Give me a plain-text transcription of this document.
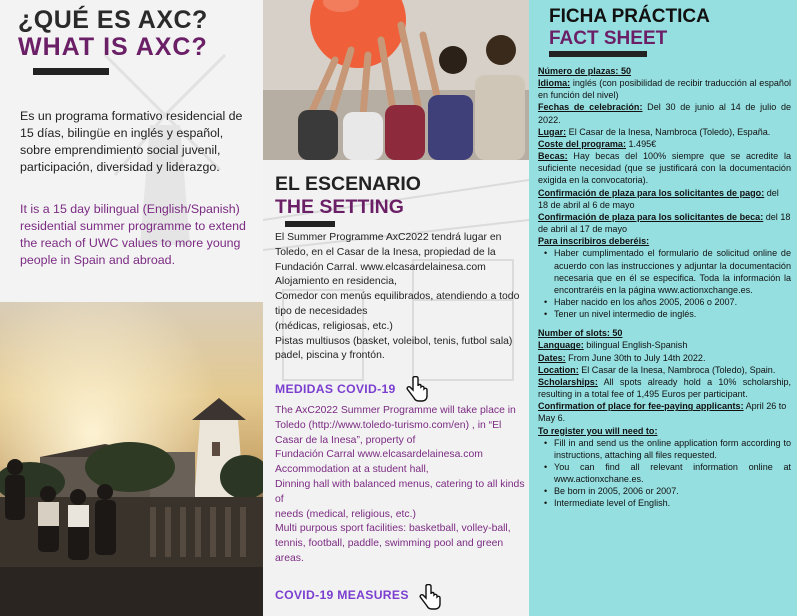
¿QUÉ ES AXC?
WHAT IS AXC?

Es un programa formativo residencial de 15 días, bilingüe en inglés y español, sobre emprendimiento social juvenil, participación, diversidad y liderazgo.

It is a 15 day bilingual (English/Spanish) residential summer programme to extend the reach of UWC values to more young people in Spain and abroad.

EL ESCENARIO
THE SETTING
El Summer Programme AxC2022 tendrá lugar en Toledo, en el Casar de la Inesa, propiedad de la Fundación Carral. www.elcasardelainesa.com
Alojamiento en residencia,
Comedor con menús equilibrados, atendiendo a todo tipo de necesidades
(médicas, religiosas, etc.)
Pistas multiusos (basket, voleibol, tenis, futbol sala) padel, piscina y frontón.
MEDIDAS COVID-19
The AxC2022 Summer Programme will take place in Toledo (http://www.toledo-turismo.com/en) , in “El Casar de la Inesa”, property of
Fundación Carral www.elcasardelainesa.com
Accommodation at a student hall,
Dinning hall with balanced menus, catering to all kinds of
needs (medical, religious, etc.)
Multi purpous sport facilities: basketball, volley-ball, tennis, football, paddle, swimming pool and green areas.
COVID-19 MEASURES
FICHA PRÁCTICA
FACT SHEET
Número de plazas: 50
Idioma: inglés (con posibilidad de recibir traducción al español en función del nivel)
Fechas de celebración: Del 30 de junio al 14 de julio de 2022.
Lugar: El Casar de la Inesa, Nambroca (Toledo), España.
Coste del programa: 1.495€
Becas: Hay becas del 100% siempre que se acredite la suficiente necesidad (que se justificará con la documentación exigida en la convocatoria).
Confirmación de plaza para los solicitantes de pago: del 18 de abril al 6 de mayo
Confirmación de plaza para los solicitantes de beca: del 18 de abril al 17 de mayo
Para inscribiros deberéis:
• Haber cumplimentado el formulario de solicitud online de acuerdo con las instrucciones y adjuntar la documentación necesaria que en él se especifica. Toda la información la encontraréis en la página www.actionxchange.es.
• Haber nacido en los años 2005, 2006 o 2007.
• Tener un nivel intermedio de inglés.
Number of slots: 50
Language: bilingual English-Spanish
Dates: From June 30th to July 14th 2022.
Location: El Casar de la Inesa, Nambroca (Toledo), Spain.
Scholarships: All spots already hold a 10% scholarship, resulting in a total fee of 1,495 Euros per participant.
Confirmation of place for fee-paying applicants: April 26 to May 6.
To register you will need to:
• Fill in and send us the online application form according to instructions, attaching all files requested.
• You can find all relevant information online at www.actionxchane.es.
• Be born in 2005, 2006 or 2007.
• Intermediate level of English.
